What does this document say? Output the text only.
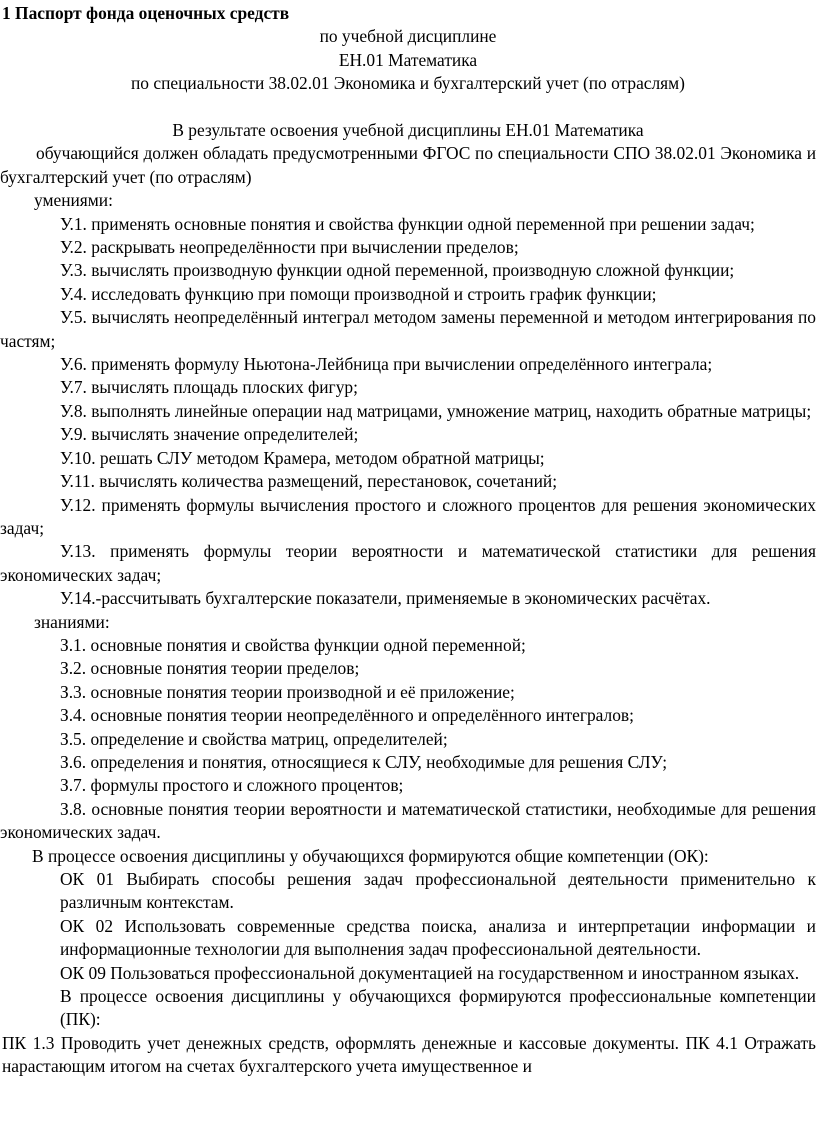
1 Паспорт фонда оценочных средств

по учебной дисциплине

ЕН.01 Математика

по специальности 38.02.01 Экономика и бухгалтерский учет (по отраслям)

В результате освоения учебной дисциплины ЕН.01 Математика

обучающийся должен обладать предусмотренными ФГОС по специальности СПО 38.02.01 Экономика и бухгалтерский учет (по отраслям)

умениями:

У.1. применять основные понятия и свойства функции одной переменной при решении задач;

У.2. раскрывать неопределённости при вычислении пределов;

У.3. вычислять производную функции одной переменной, производную сложной функции;

У.4. исследовать функцию при помощи производной и строить график функции;

У.5. вычислять неопределённый интеграл методом замены переменной и методом интегрирования по частям;

У.6. применять формулу Ньютона-Лейбница при вычислении определённого интеграла;

У.7. вычислять площадь плоских фигур;

У.8. выполнять линейные операции над матрицами, умножение матриц, находить обратные матрицы;

У.9. вычислять значение определителей;

У.10. решать СЛУ методом Крамера, методом обратной матрицы;

У.11. вычислять количества размещений, перестановок, сочетаний;

У.12. применять формулы вычисления простого и сложного процентов для решения экономических задач;

У.13. применять формулы теории вероятности и математической статистики для решения экономических задач;

У.14.-рассчитывать бухгалтерские показатели, применяемые в экономических расчётах.

знаниями:

З.1. основные понятия и свойства функции одной переменной;

З.2. основные понятия теории пределов;

З.3. основные понятия теории производной и её приложение;

З.4. основные понятия теории неопределённого и определённого интегралов;

З.5. определение и свойства матриц, определителей;

З.6. определения и понятия, относящиеся к СЛУ, необходимые для решения СЛУ;

З.7. формулы простого и сложного процентов;

З.8. основные понятия теории вероятности и математической статистики, необходимые для решения экономических задач.

В процессе освоения дисциплины у обучающихся формируются общие компетенции (ОК):

ОК 01 Выбирать способы решения задач профессиональной деятельности применительно к различным контекстам.

ОК 02 Использовать современные средства поиска, анализа и интерпретации информации и информационные технологии для выполнения задач профессиональной деятельности.

ОК 09 Пользоваться профессиональной документацией на государственном и иностранном языках.

В процессе освоения дисциплины у обучающихся формируются профессиональные компетенции (ПК):

ПК 1.3 Проводить учет денежных средств, оформлять денежные и кассовые документы. ПК 4.1 Отражать нарастающим итогом на счетах бухгалтерского учета имущественное и
